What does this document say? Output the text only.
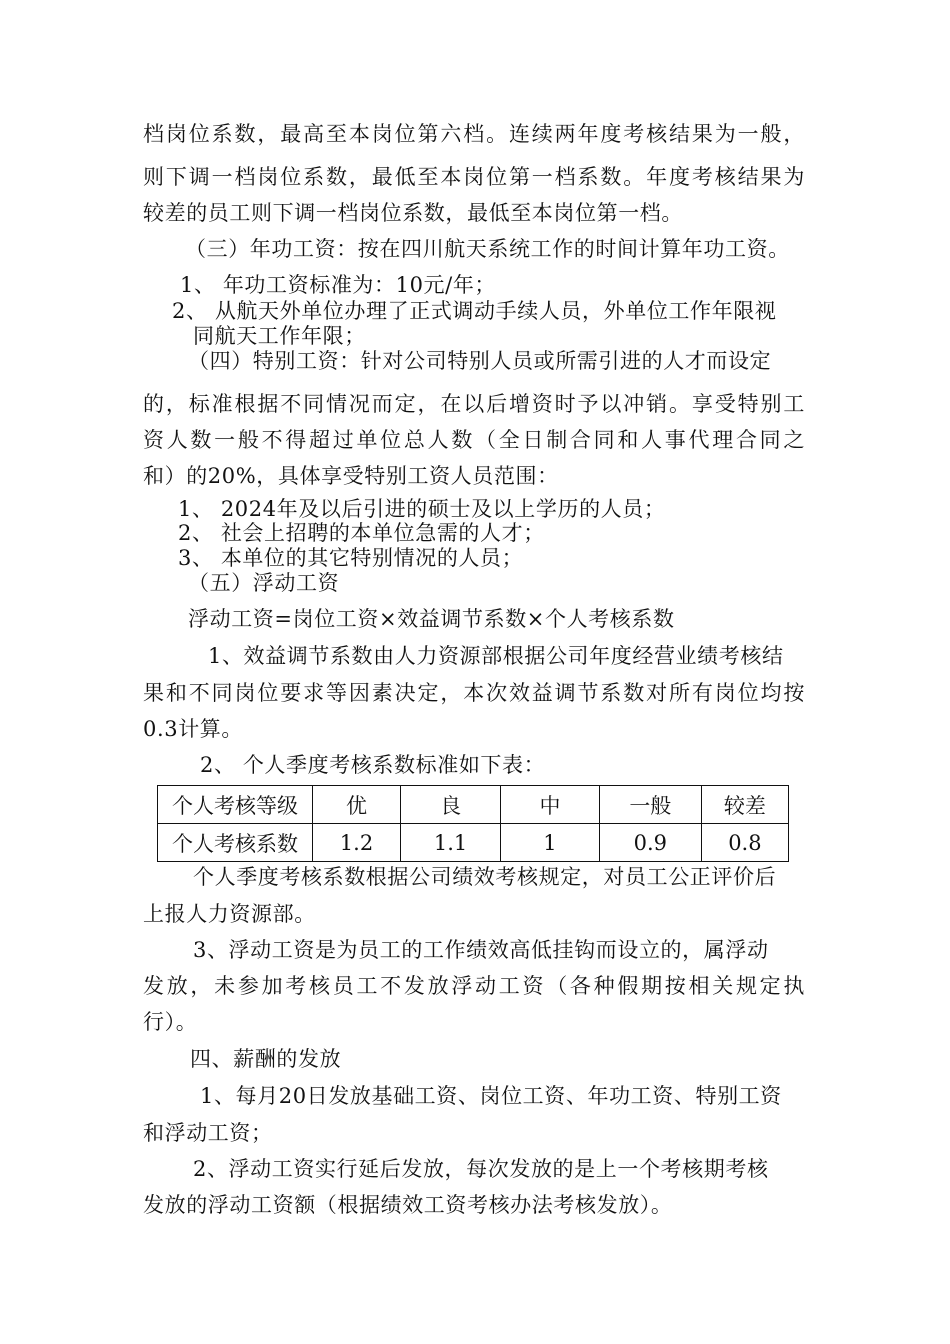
档岗位系数，最高至本岗位第六档。连续两年度考核结果为一般，

则下调一档岗位系数，最低至本岗位第一档系数。年度考核结果为

较差的员工则下调一档岗位系数，最低至本岗位第一档。

（三）年功工资：按在四川航天系统工作的时间计算年功工资。

1、 年功工资标准为：10元/年；

2、 从航天外单位办理了正式调动手续人员，外单位工作年限视

同航天工作年限；

（四）特别工资：针对公司特别人员或所需引进的人才而设定

的，标准根据不同情况而定，在以后增资时予以冲销。享受特别工

资人数一般不得超过单位总人数（全日制合同和人事代理合同之

和）的20%，具体享受特别工资人员范围：

1、 2024年及以后引进的硕士及以上学历的人员；

2、 社会上招聘的本单位急需的人才；

3、 本单位的其它特别情况的人员；

（五）浮动工资

浮动工资=岗位工资×效益调节系数×个人考核系数

1、效益调节系数由人力资源部根据公司年度经营业绩考核结

果和不同岗位要求等因素决定，本次效益调节系数对所有岗位均按

0.3计算。

2、 个人季度考核系数标准如下表：

个人考核等级	优	良	中	一般	较差
个人考核系数	1.2	1.1	1	0.9	0.8

个人季度考核系数根据公司绩效考核规定，对员工公正评价后

上报人力资源部。

3、浮动工资是为员工的工作绩效高低挂钩而设立的，属浮动

发放，未参加考核员工不发放浮动工资（各种假期按相关规定执

行）。

四、薪酬的发放

1、每月20日发放基础工资、岗位工资、年功工资、特别工资

和浮动工资；

2、浮动工资实行延后发放，每次发放的是上一个考核期考核

发放的浮动工资额（根据绩效工资考核办法考核发放）。
